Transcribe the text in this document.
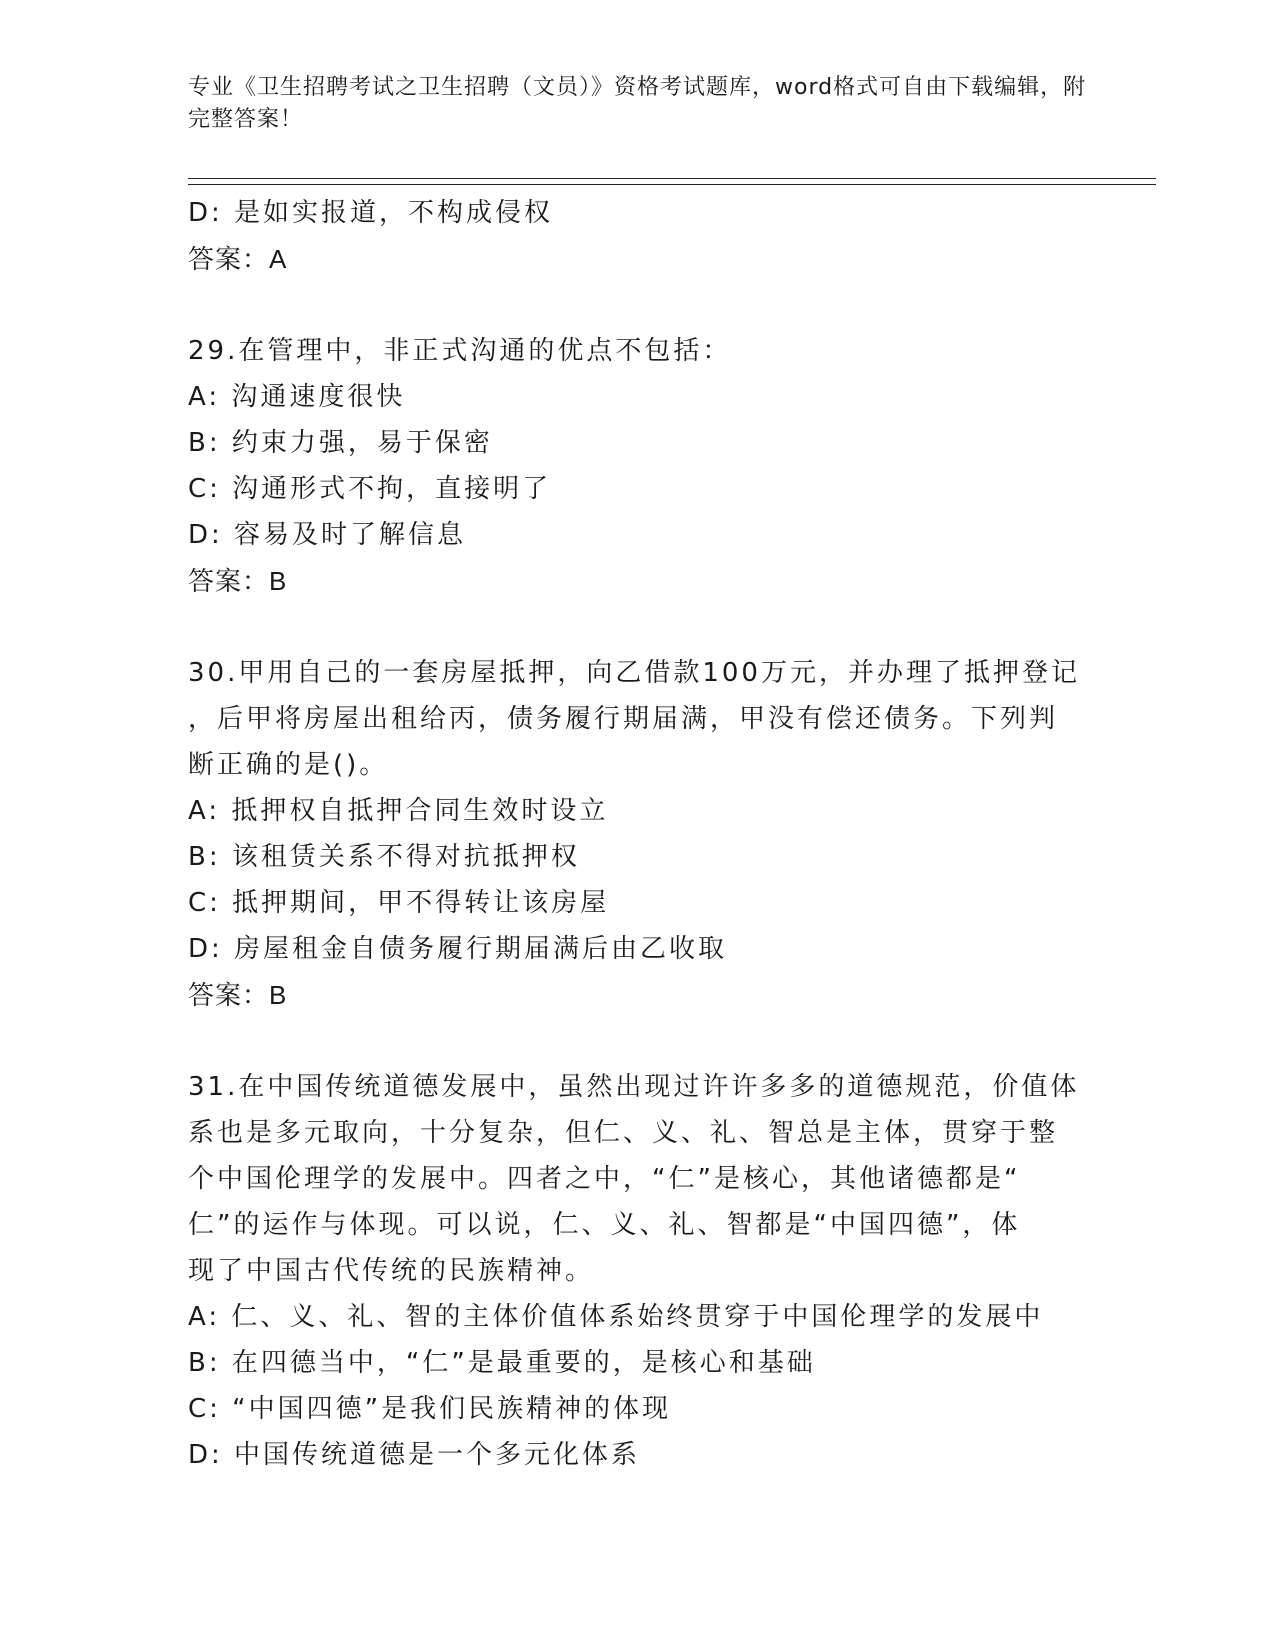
专业《卫生招聘考试之卫生招聘（文员）》资格考试题库，word格式可自由下载编辑，附完整答案！
D: 是如实报道，不构成侵权
答案：A
29.在管理中，非正式沟通的优点不包括：
A: 沟通速度很快
B: 约束力强，易于保密
C: 沟通形式不拘，直接明了
D: 容易及时了解信息
答案：B
30.甲用自己的一套房屋抵押，向乙借款100万元，并办理了抵押登记
，后甲将房屋出租给丙，债务履行期届满，甲没有偿还债务。下列判
断正确的是()。
A: 抵押权自抵押合同生效时设立
B: 该租赁关系不得对抗抵押权
C: 抵押期间，甲不得转让该房屋
D: 房屋租金自债务履行期届满后由乙收取
答案：B
31.在中国传统道德发展中，虽然出现过许许多多的道德规范，价值体
系也是多元取向，十分复杂，但仁、义、礼、智总是主体，贯穿于整
个中国伦理学的发展中。四者之中，“仁”是核心，其他诸德都是“
仁”的运作与体现。可以说，仁、义、礼、智都是“中国四德”，体
现了中国古代传统的民族精神。
A: 仁、义、礼、智的主体价值体系始终贯穿于中国伦理学的发展中
B: 在四德当中，“仁”是最重要的，是核心和基础
C: “中国四德”是我们民族精神的体现
D: 中国传统道德是一个多元化体系
